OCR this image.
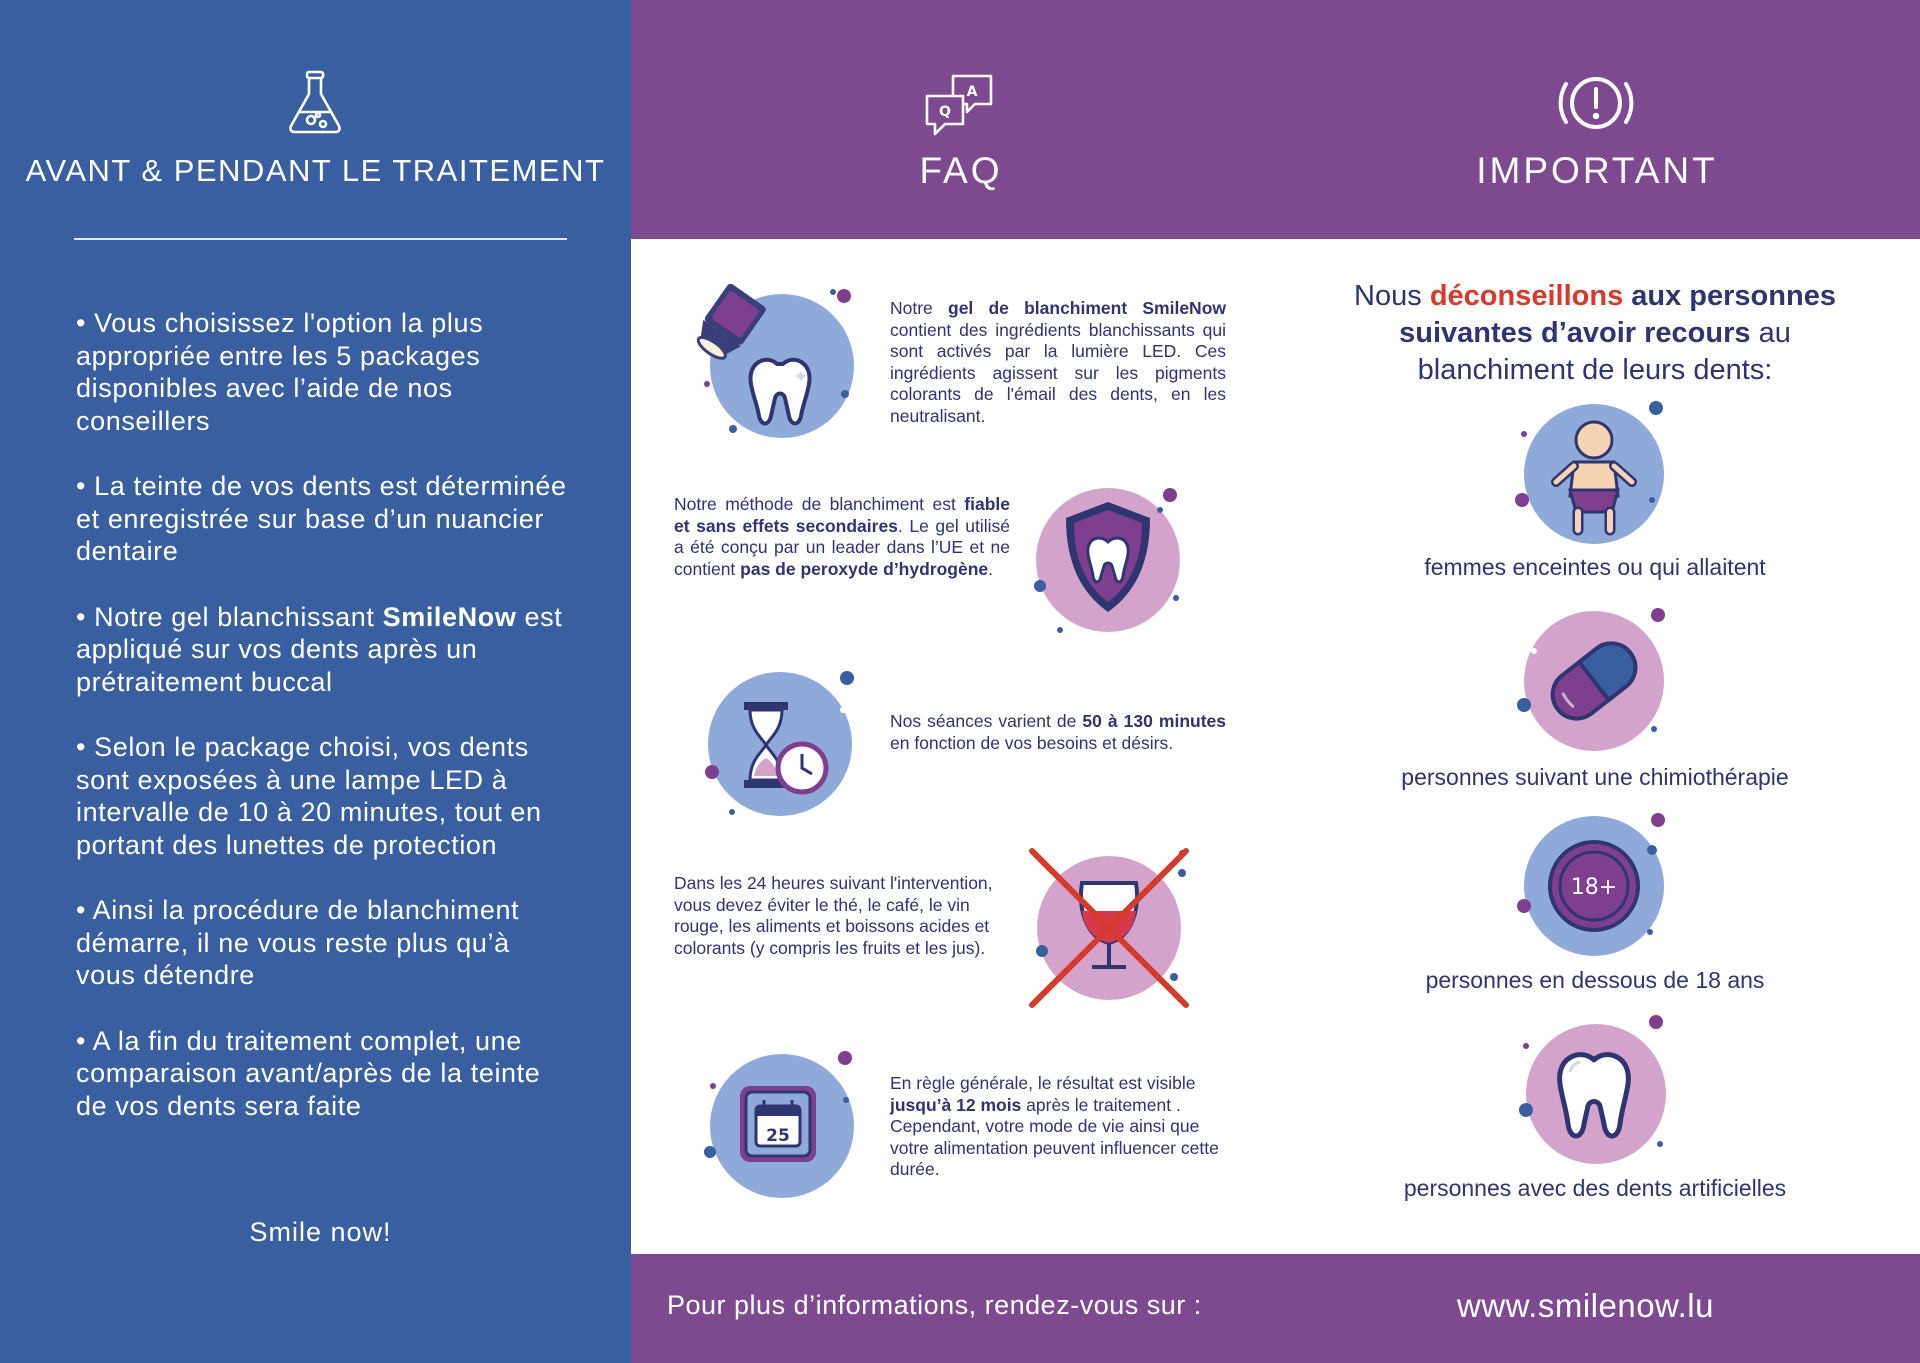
AVANT & PENDANT LE TRAITEMENT

• Vous choisissez l'option la plus appropriée entre les 5 packages disponibles avec l’aide de nos conseillers

• La teinte de vos dents est déterminée et enregistrée sur base d’un nuancier dentaire

• Notre gel blanchissant SmileNow est appliqué sur vos dents après un prétraitement buccal

• Selon le package choisi, vos dents sont exposées à une lampe LED à intervalle de 10 à 20 minutes, tout en portant des lunettes de protection

• Ainsi la procédure de blanchiment démarre, il ne vous reste plus qu’à vous détendre

• A la fin du traitement complet, une comparaison avant/après de la teinte de vos dents sera faite

Smile now!
A
Q
FAQ	IMPORTANT
Notre gel de blanchiment SmileNow contient des ingrédients blanchissants qui sont activés par la lumière LED. Ces ingrédients agissent sur les pigments colorants de l'émail des dents, en les neutralisant.
Notre méthode de blanchiment est fiable et sans effets secondaires. Le gel utilisé a été conçu par un leader dans l’UE et ne contient pas de peroxyde d’hydrogène.
Nos séances varient de 50 à 130 minutes en fonction de vos besoins et désirs.
Dans les 24 heures suivant l'intervention, vous devez éviter le thé, le café, le vin rouge, les aliments et boissons acides et colorants (y compris les fruits et les jus).
25
En règle générale, le résultat est visible jusqu’à 12 mois après le traitement . Cependant, votre mode de vie ainsi que votre alimentation peuvent influencer cette durée.
Nous déconseillons aux personnes suivantes d’avoir recours au blanchiment de leurs dents:
femmes enceintes ou qui allaitent
personnes suivant une chimiothérapie
18+
personnes en dessous de 18 ans
personnes avec des dents artificielles
Pour plus d’informations, rendez-vous sur :	www.smilenow.lu
